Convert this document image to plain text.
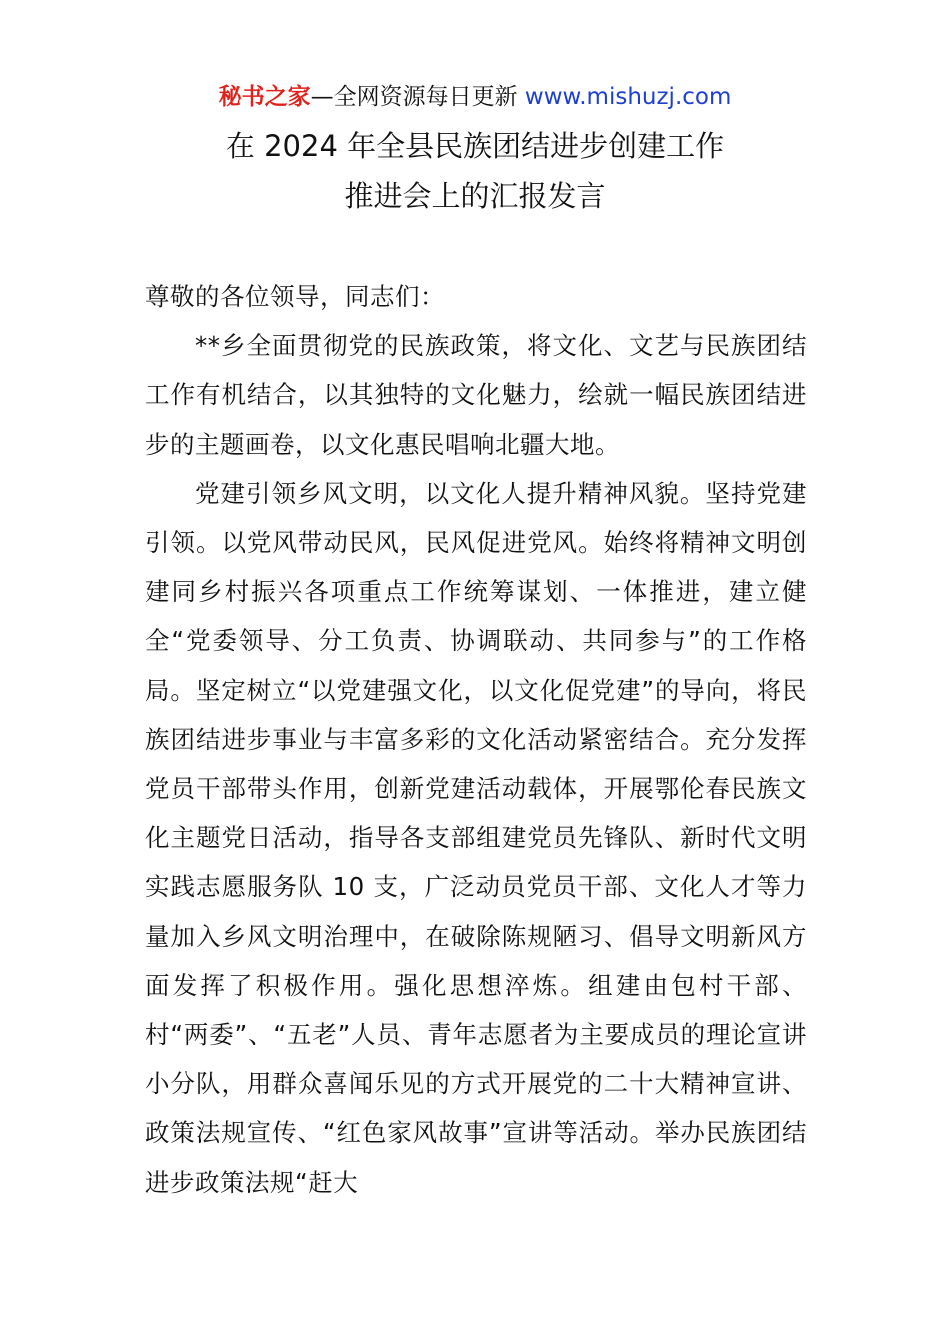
秘书之家—全网资源每日更新 www.mishuzj.com
在 2024 年全县民族团结进步创建工作
推进会上的汇报发言

尊敬的各位领导，同志们：

**乡全面贯彻党的民族政策，将文化、文艺与民族团结工作有机结合，以其独特的文化魅力，绘就一幅民族团结进步的主题画卷，以文化惠民唱响北疆大地。

党建引领乡风文明，以文化人提升精神风貌。坚持党建引领。以党风带动民风，民风促进党风。始终将精神文明创建同乡村振兴各项重点工作统筹谋划、一体推进，建立健全“党委领导、分工负责、协调联动、共同参与”的工作格局。坚定树立“以党建强文化，以文化促党建”的导向，将民族团结进步事业与丰富多彩的文化活动紧密结合。充分发挥党员干部带头作用，创新党建活动载体，开展鄂伦春民族文化主题党日活动，指导各支部组建党员先锋队、新时代文明实践志愿服务队 10 支，广泛动员党员干部、文化人才等力量加入乡风文明治理中，在破除陈规陋习、倡导文明新风方面发挥了积极作用。强化思想淬炼。组建由包村干部、村“两委”、“五老”人员、青年志愿者为主要成员的理论宣讲小分队，用群众喜闻乐见的方式开展党的二十大精神宣讲、政策法规宣传、“红色家风故事”宣讲等活动。举办民族团结进步政策法规“赶大
